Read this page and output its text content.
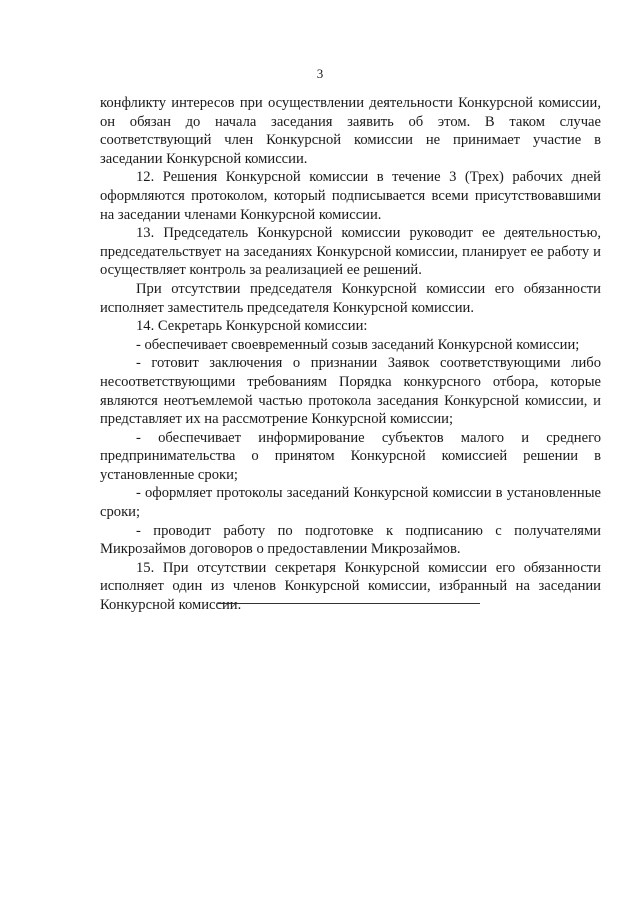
3

конфликту интересов при осуществлении деятельности Конкурсной комиссии, он обязан до начала заседания заявить об этом. В таком случае соответствующий член Конкурсной комиссии не принимает участие в заседании Конкурсной комиссии.

12. Решения Конкурсной комиссии в течение 3 (Трех) рабочих дней оформляются протоколом, который подписывается всеми присутствовавшими на заседании членами Конкурсной комиссии.

13. Председатель Конкурсной комиссии руководит ее деятельностью, председательствует на заседаниях Конкурсной комиссии, планирует ее работу и осуществляет контроль за реализацией ее решений.

При отсутствии председателя Конкурсной комиссии его обязанности исполняет заместитель председателя Конкурсной комиссии.

14. Секретарь Конкурсной комиссии:

- обеспечивает своевременный созыв заседаний Конкурсной комиссии;

- готовит заключения о признании Заявок соответствующими либо несоответствующими требованиям Порядка конкурсного отбора, которые являются неотъемлемой частью протокола заседания Конкурсной комиссии, и представляет их на рассмотрение Конкурсной комиссии;

- обеспечивает информирование субъектов малого и среднего предпринимательства о принятом Конкурсной комиссией решении в установленные сроки;

- оформляет протоколы заседаний Конкурсной комиссии в установленные сроки;

- проводит работу по подготовке к подписанию с получателями Микрозаймов договоров о предоставлении Микрозаймов.

15. При отсутствии секретаря Конкурсной комиссии его обязанности исполняет один из членов Конкурсной комиссии, избранный на заседании Конкурсной комиссии.
